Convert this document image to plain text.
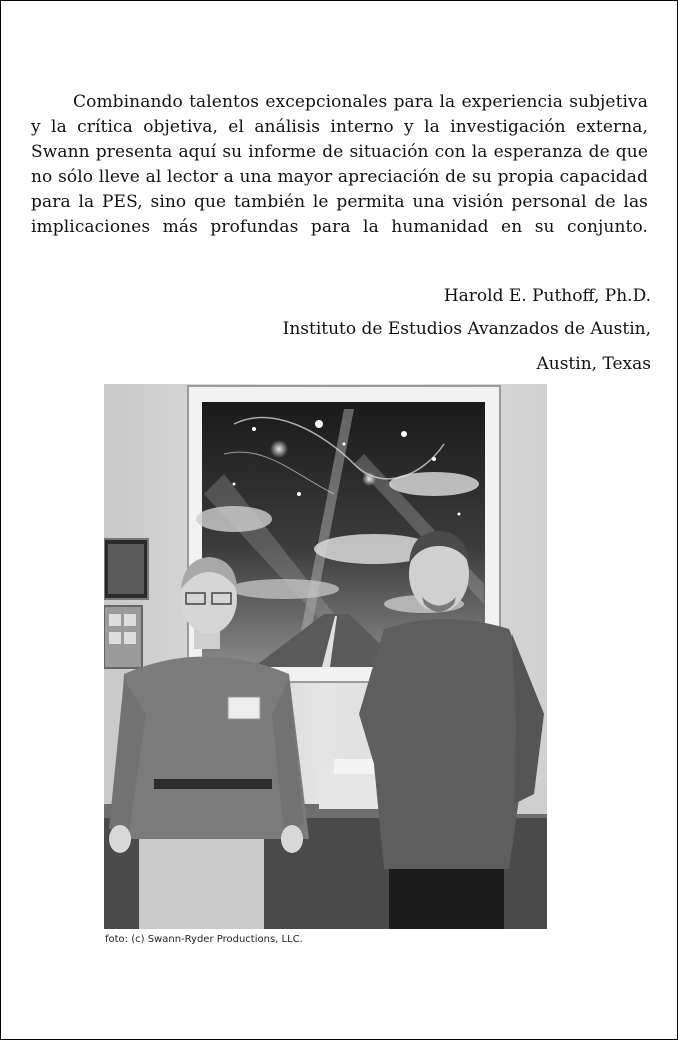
Combinando talentos excepcionales para la experiencia subjetiva
y la crítica objetiva, el análisis interno y la investigación externa,
Swann presenta aquí su informe de situación con la esperanza de que
no sólo lleve al lector a una mayor apreciación de su propia capacidad
para la PES, sino que también le permita una visión personal de las
implicaciones más profundas para la humanidad en su conjunto.
Harold E. Puthoff, Ph.D.
Instituto de Estudios Avanzados de Austin,
Austin, Texas
foto: (c) Swann-Ryder Productions, LLC.
